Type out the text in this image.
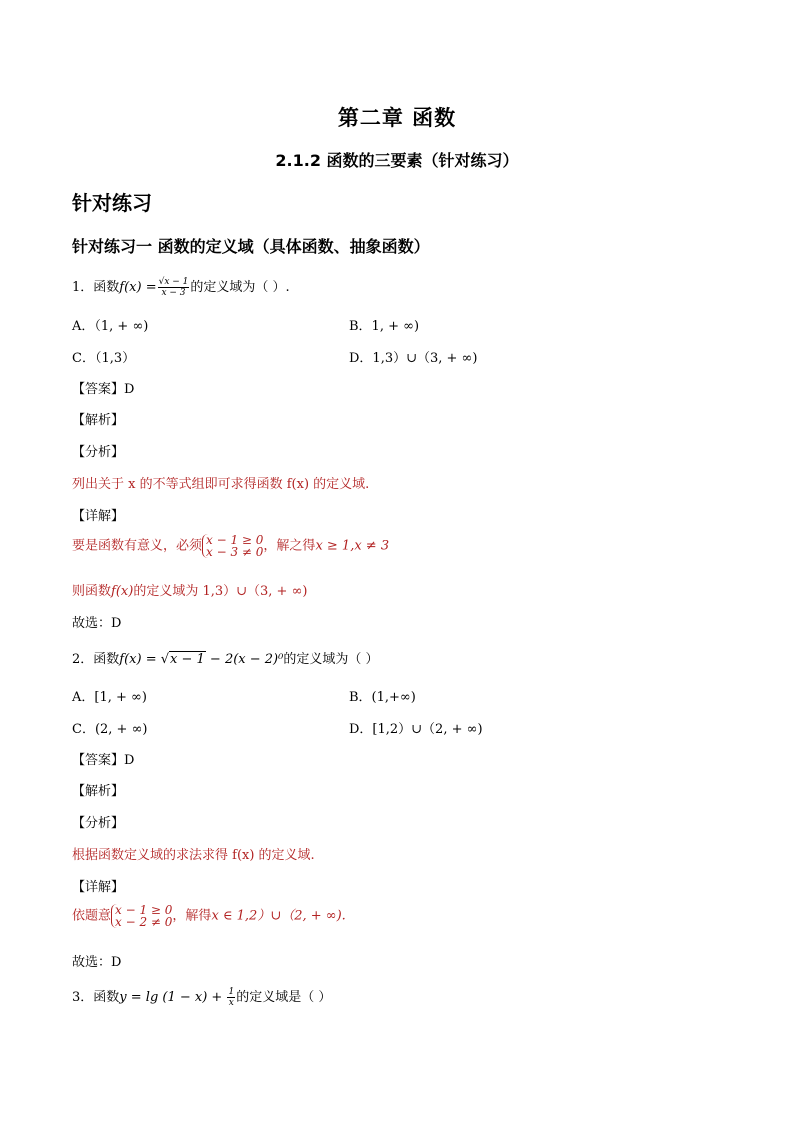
第二章 函数
2.1.2 函数的三要素（针对练习）
针对练习
针对练习一 函数的定义域（具体函数、抽象函数）
1．函数$f(x) = \frac{√x - 1}{x - 3}$ 的定义域为（ ）.
A．（1, + ∞)	B．1, + ∞)
C．（1,3）	D．1,3）∪（3, + ∞)
【答案】D
【解析】
【分析】
列出关于 x 的不等式组即可求得函数 f(x) 的定义域.
【详解】
要是函数有意义，必须 x − 1 ≥ 0
x − 3 ≠ 0 ，解之得x ≥ 1,x ≠ 3
则函数f(x)的定义域为 1,3）∪（3, + ∞)
故选：D
2．函数f(x) = √x − 1 − 2(x − 2)⁰的定义域为（ ）
A．[1, + ∞)	B．(1,+∞)
C．(2, + ∞)	D．[1,2）∪（2, + ∞)
【答案】D
【解析】
【分析】
根据函数定义域的求法求得 f(x) 的定义域.
【详解】
依题意 x − 1 ≥ 0
x − 2 ≠ 0 ，解得x ∈ 1,2）∪（2, + ∞).
故选：D
3．函数$y = \lg (1 - x) + \frac{1}{x}$ 的定义域是（ ）
